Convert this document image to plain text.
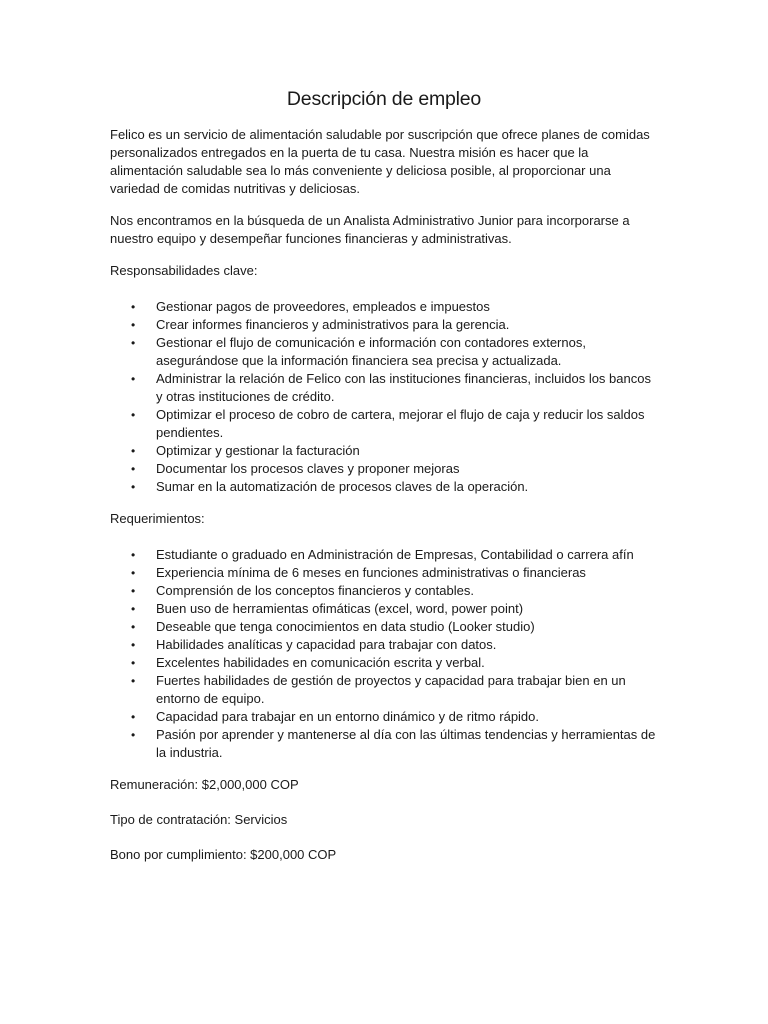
Descripción de empleo

Felico es un servicio de alimentación saludable por suscripción que ofrece planes de comidas personalizados entregados en la puerta de tu casa. Nuestra misión es hacer que la alimentación saludable sea lo más conveniente y deliciosa posible, al proporcionar una variedad de comidas nutritivas y deliciosas.

Nos encontramos en la búsqueda de un Analista Administrativo Junior para incorporarse a nuestro equipo y desempeñar funciones financieras y administrativas.

Responsabilidades clave:

• Gestionar pagos de proveedores, empleados e impuestos
• Crear informes financieros y administrativos para la gerencia.
• Gestionar el flujo de comunicación e información con contadores externos, asegurándose que la información financiera sea precisa y actualizada.
• Administrar la relación de Felico con las instituciones financieras, incluidos los bancos y otras instituciones de crédito.
• Optimizar el proceso de cobro de cartera, mejorar el flujo de caja y reducir los saldos pendientes.
• Optimizar y gestionar la facturación
• Documentar los procesos claves y proponer mejoras
• Sumar en la automatización de procesos claves de la operación.

Requerimientos:

• Estudiante o graduado en Administración de Empresas, Contabilidad o carrera afín
• Experiencia mínima de 6 meses en funciones administrativas o financieras
• Comprensión de los conceptos financieros y contables.
• Buen uso de herramientas ofimáticas (excel, word, power point)
• Deseable que tenga conocimientos en data studio (Looker studio)
• Habilidades analíticas y capacidad para trabajar con datos.
• Excelentes habilidades en comunicación escrita y verbal.
• Fuertes habilidades de gestión de proyectos y capacidad para trabajar bien en un entorno de equipo.
• Capacidad para trabajar en un entorno dinámico y de ritmo rápido.
• Pasión por aprender y mantenerse al día con las últimas tendencias y herramientas de la industria.

Remuneración: $2,000,000 COP

Tipo de contratación: Servicios

Bono por cumplimiento: $200,000 COP
